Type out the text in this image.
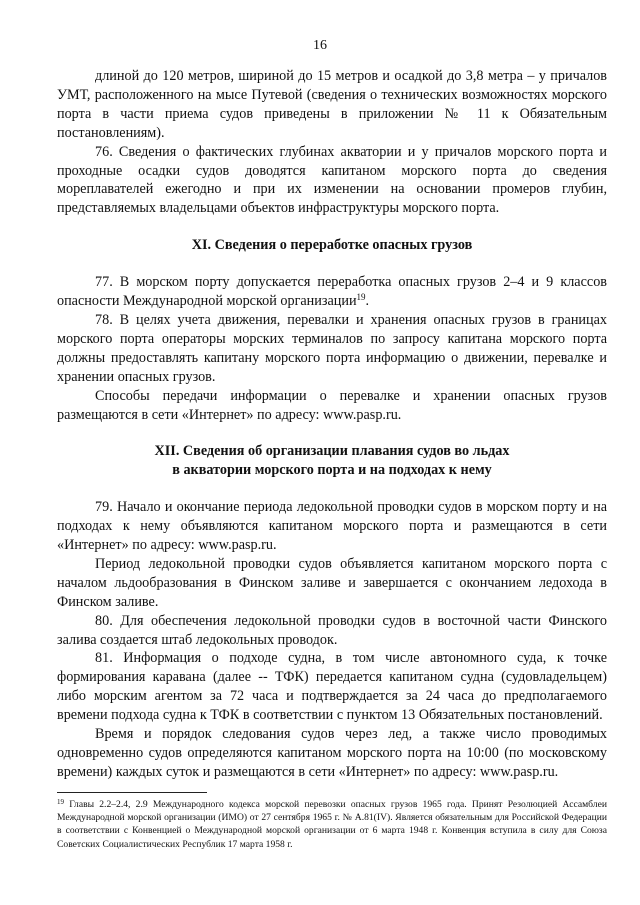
16

длиной до 120 метров, шириной до 15 метров и осадкой до 3,8 метра – у причалов УМТ, расположенного на мысе Путевой (сведения о технических возможностях морского порта в части приема судов приведены в приложении № 11 к Обязательным постановлениям).

76. Сведения о фактических глубинах акватории и у причалов морского порта и проходные осадки судов доводятся капитаном морского порта до сведения мореплавателей ежегодно и при их изменении на основании промеров глубин, представляемых владельцами объектов инфраструктуры морского порта.

XI. Сведения о переработке опасных грузов

77. В морском порту допускается переработка опасных грузов 2–4 и 9 классов опасности Международной морской организации$^{19}$.

78. В целях учета движения, перевалки и хранения опасных грузов в границах морского порта операторы морских терминалов по запросу капитана морского порта должны предоставлять капитану морского порта информацию о движении, перевалке и хранении опасных грузов.

Способы передачи информации о перевалке и хранении опасных грузов размещаются в сети «Интернет» по адресу: www.pasp.ru.

XII. Сведения об организации плавания судов во льдах
в акватории морского порта и на подходах к нему

79. Начало и окончание периода ледокольной проводки судов в морском порту и на подходах к нему объявляются капитаном морского порта и размещаются в сети «Интернет» по адресу: www.pasp.ru.

Период ледокольной проводки судов объявляется капитаном морского порта с началом льдообразования в Финском заливе и завершается с окончанием ледохода в Финском заливе.

80. Для обеспечения ледокольной проводки судов в восточной части Финского залива создается штаб ледокольных проводок.

81. Информация о подходе судна, в том числе автономного суда, к точке формирования каравана (далее -- ТФК) передается капитаном судна (судовладельцем) либо морским агентом за 72 часа и подтверждается за 24 часа до предполагаемого времени подхода судна к ТФК в соответствии с пунктом 13 Обязательных постановлений.

Время и порядок следования судов через лед, а также число проводимых одновременно судов определяются капитаном морского порта на 10:00 (по московскому времени) каждых суток и размещаются в сети «Интернет» по адресу: www.pasp.ru.

$^{19}$ Главы 2.2–2.4, 2.9 Международного кодекса морской перевозки опасных грузов 1965 года. Принят Резолюцией Ассамблеи Международной морской организации (ИМО) от 27 сентября 1965 г. № А.81(IV). Является обязательным для Российской Федерации в соответствии с Конвенцией о Международной морской организации от 6 марта 1948 г. Конвенция вступила в силу для Союза Советских Социалистических Республик 17 марта 1958 г.
